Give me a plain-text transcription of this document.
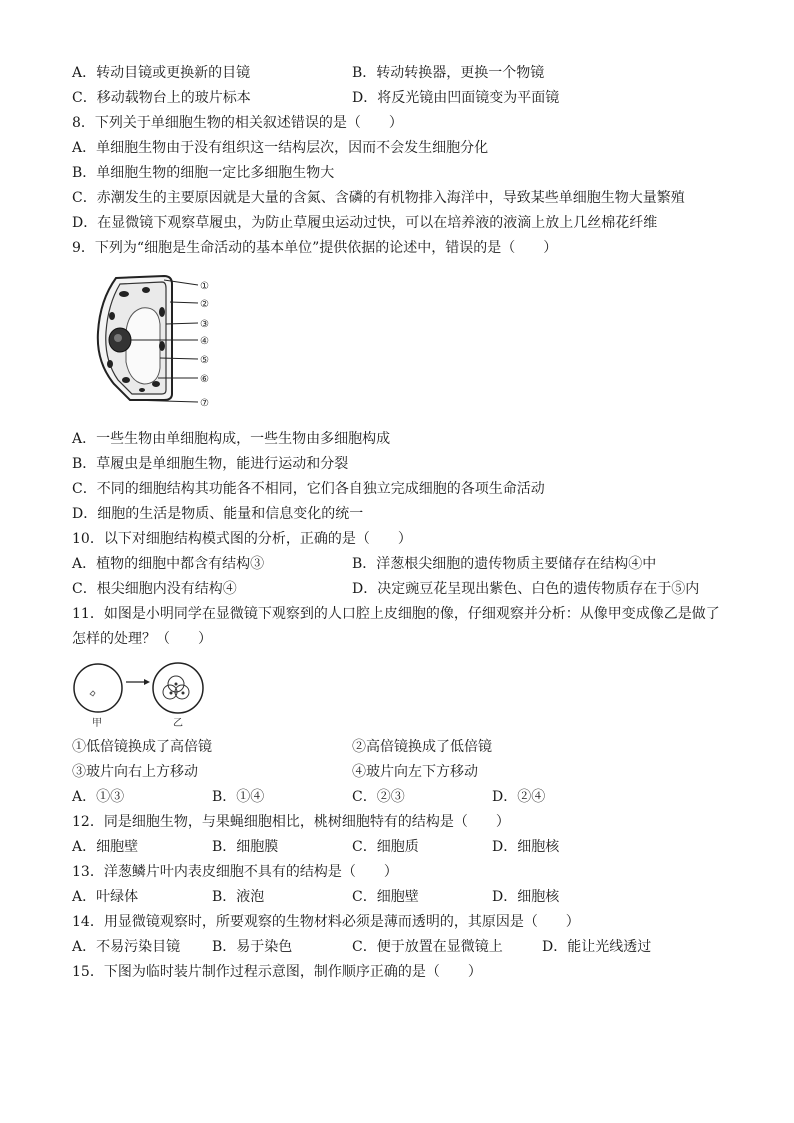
A．转动目镜或更换新的目镜	B．转动转换器，更换一个物镜
C．移动载物台上的玻片标本	D．将反光镜由凹面镜变为平面镜
8．下列关于单细胞生物的相关叙述错误的是（　　）
A．单细胞生物由于没有组织这一结构层次，因而不会发生细胞分化
B．单细胞生物的细胞一定比多细胞生物大
C．赤潮发生的主要原因就是大量的含氮、含磷的有机物排入海洋中，导致某些单细胞生物大量繁殖
D．在显微镜下观察草履虫，为防止草履虫运动过快，可以在培养液的液滴上放上几丝棉花纤维
9．下列为“细胞是生命活动的基本单位”提供依据的论述中，错误的是（　　）
①
②
③
④
⑤
⑥
⑦
A．一些生物由单细胞构成，一些生物由多细胞构成
B．草履虫是单细胞生物，能进行运动和分裂
C．不同的细胞结构其功能各不相同，它们各自独立完成细胞的各项生命活动
D．细胞的生活是物质、能量和信息变化的统一
10．以下对细胞结构模式图的分析，正确的是（　　）
A．植物的细胞中都含有结构③	B．洋葱根尖细胞的遗传物质主要储存在结构④中
C．根尖细胞内没有结构④	D．决定豌豆花呈现出紫色、白色的遗传物质存在于⑤内
11．如图是小明同学在显微镜下观察到的人口腔上皮细胞的像，仔细观察并分析：从像甲变成像乙是做了
怎样的处理？（　　）
甲	乙
①低倍镜换成了高倍镜	②高倍镜换成了低倍镜
③玻片向右上方移动	④玻片向左下方移动
A．①③	B．①④	C．②③	D．②④
12．同是细胞生物，与果蝇细胞相比，桃树细胞特有的结构是（　　）
A．细胞壁	B．细胞膜	C．细胞质	D．细胞核
13．洋葱鳞片叶内表皮细胞不具有的结构是（　　）
A．叶绿体	B．液泡	C．细胞壁	D．细胞核
14．用显微镜观察时，所要观察的生物材料必须是薄而透明的，其原因是（　　）
A．不易污染目镜 B．易于染色	C．便于放置在显微镜上	D．能让光线透过
15．下图为临时装片制作过程示意图，制作顺序正确的是（　　）
